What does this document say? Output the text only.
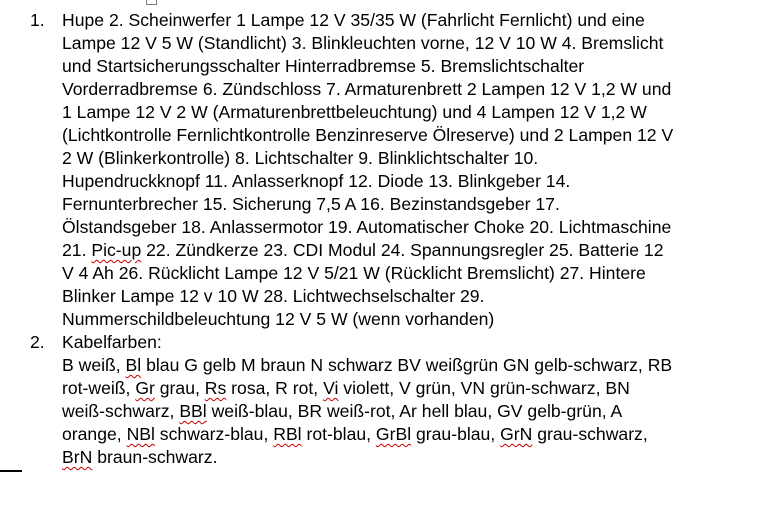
1. Hupe 2. Scheinwerfer 1 Lampe 12 V 35/35 W (Fahrlicht Fernlicht) und eine
Lampe 12 V 5 W (Standlicht) 3. Blinkleuchten vorne, 12 V 10 W 4. Bremslicht
und Startsicherungsschalter Hinterradbremse 5. Bremslichtschalter
Vorderradbremse 6. Zündschloss 7. Armaturenbrett 2 Lampen 12 V 1,2 W und
1 Lampe 12 V 2 W (Armaturenbrettbeleuchtung) und 4 Lampen 12 V 1,2 W
(Lichtkontrolle Fernlichtkontrolle Benzinreserve Ölreserve) und 2 Lampen 12 V
2 W (Blinkerkontrolle) 8. Lichtschalter 9. Blinklichtschalter 10.
Hupendruckknopf 11. Anlasserknopf 12. Diode 13. Blinkgeber 14.
Fernunterbrecher 15. Sicherung 7,5 A 16. Bezinstandsgeber 17.
Ölstandsgeber 18. Anlassermotor 19. Automatischer Choke 20. Lichtmaschine
21. Pic-up 22. Zündkerze 23. CDI Modul 24. Spannungsregler 25. Batterie 12
V 4 Ah 26. Rücklicht Lampe 12 V 5/21 W (Rücklicht Bremslicht) 27. Hintere
Blinker Lampe 12 v 10 W 28. Lichtwechselschalter 29.
Nummerschildbeleuchtung 12 V 5 W (wenn vorhanden)

2. Kabelfarben:
B weiß, Bl blau G gelb M braun N schwarz BV weißgrün GN gelb-schwarz, RB
rot-weiß, Gr grau, Rs rosa, R rot, Vi violett, V grün, VN grün-schwarz, BN
weiß-schwarz, BBl weiß-blau, BR weiß-rot, Ar hell blau, GV gelb-grün, A
orange, NBl schwarz-blau, RBl rot-blau, GrBl grau-blau, GrN grau-schwarz,
BrN braun-schwarz.
